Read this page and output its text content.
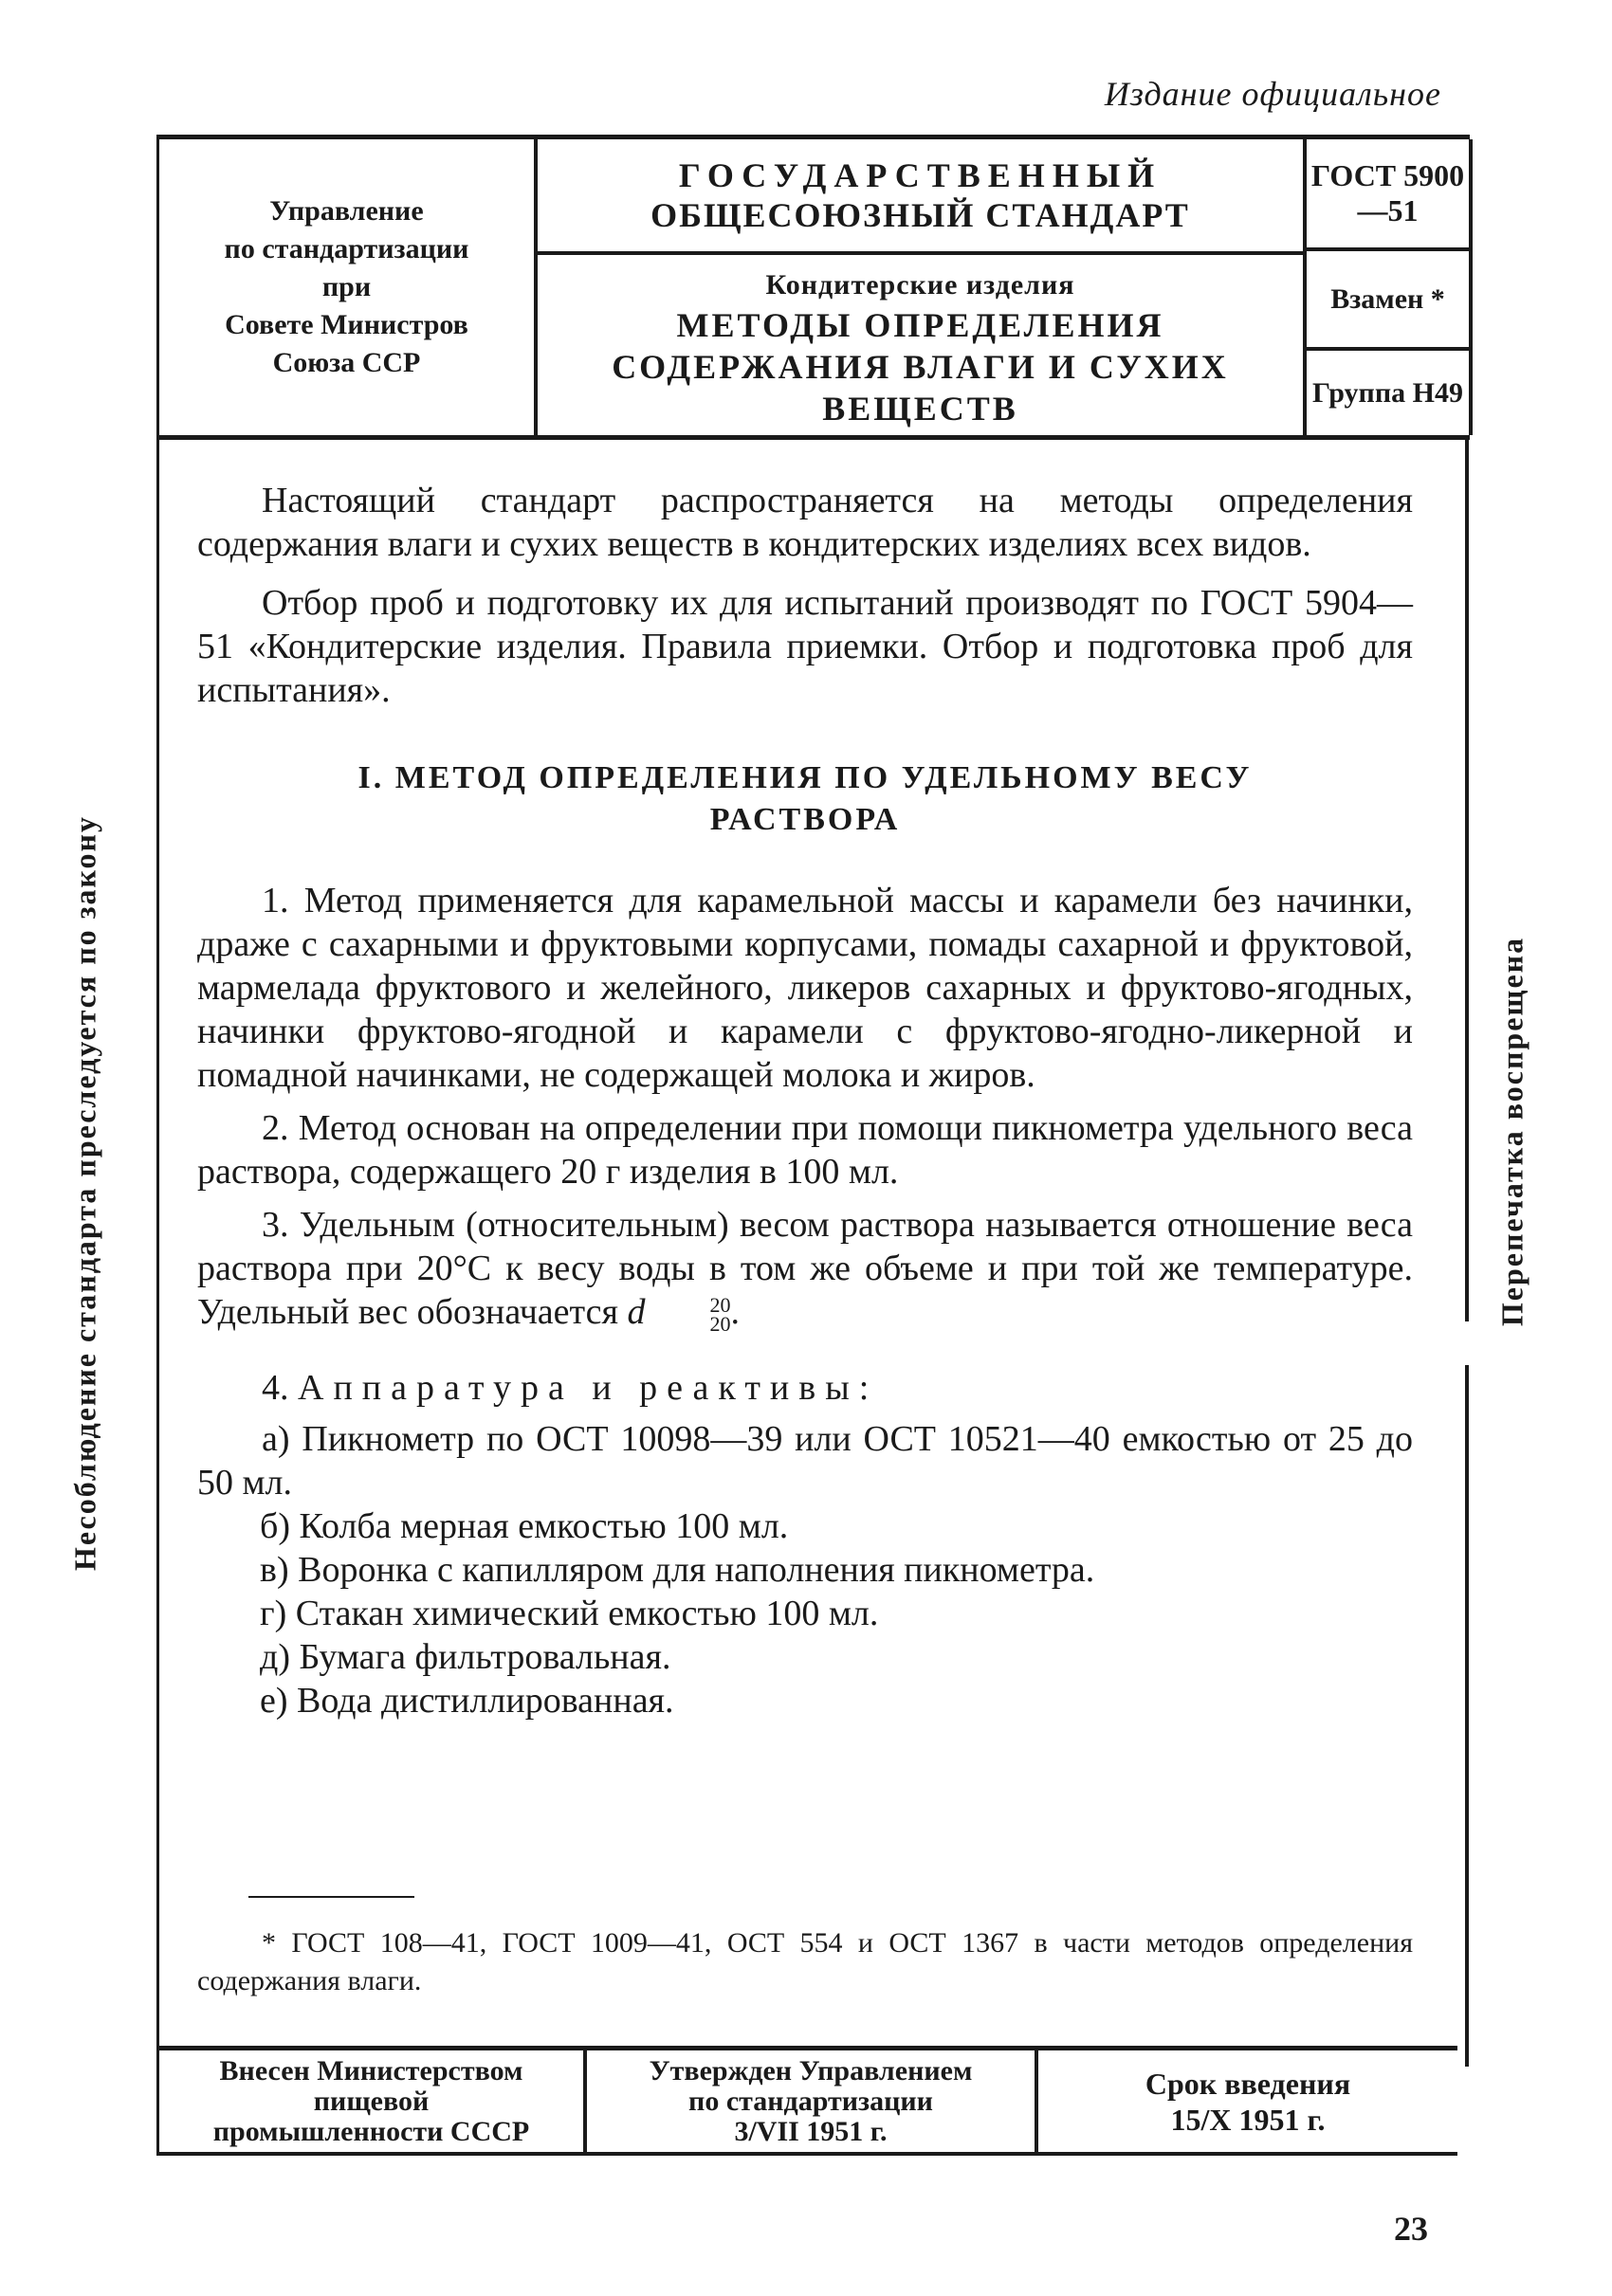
Издание официальное
Управление
по стандартизации
при
Совете Министров
Союза ССР
ГОСУДАРСТВЕННЫЙ
ОБЩЕСОЮЗНЫЙ СТАНДАРТ
Кондитерские изделия
МЕТОДЫ ОПРЕДЕЛЕНИЯ
СОДЕРЖАНИЯ ВЛАГИ И СУХИХ
ВЕЩЕСТВ
ГОСТ 5900—51
Взамен *
Группа Н49

Настоящий стандарт распространяется на методы определения содержания влаги и сухих веществ в кондитерских изделиях всех видов.

Отбор проб и подготовку их для испытаний производят по ГОСТ 5904—51 «Кондитерские изделия. Правила приемки. Отбор и подготовка проб для испытания».

I. МЕТОД ОПРЕДЕЛЕНИЯ ПО УДЕЛЬНОМУ ВЕСУ
РАСТВОРА

1. Метод применяется для карамельной массы и карамели без начинки, драже с сахарными и фруктовыми корпусами, помады сахарной и фруктовой, мармелада фруктового и желейного, ликеров сахарных и фруктово-ягодных, начинки фруктово-ягодной и карамели с фруктово-ягодно-ликерной и помадной начинками, не содержащей молока и жиров.

2. Метод основан на определении при помощи пикнометра удельного веса раствора, содержащего 20 г изделия в 100 мл.

3. Удельным (относительным) весом раствора называется отношение веса раствора при 20°С к весу воды в том же объеме и при той же температуре. Удельный вес обозначается d	20
20 .

4. Аппаратура и реактивы:

а) Пикнометр по ОСТ 10098—39 или ОСТ 10521—40 емкостью от 25 до 50 мл.

б) Колба мерная емкостью 100 мл.
в) Воронка с капилляром для наполнения пикнометра.
г) Стакан химический емкостью 100 мл.
д) Бумага фильтровальная.
е) Вода дистиллированная.
* ГОСТ 108—41, ГОСТ 1009—41, ОСТ 554 и ОСТ 1367 в части методов определения содержания влаги.
Внесен Министерством
пищевой
промышленности СССР
Утвержден Управлением
по стандартизации
3/VII 1951 г.
Срок введения
15/X 1951 г.
23
Несоблюдение стандарта преследуется по закону	Перепечатка воспрещена
